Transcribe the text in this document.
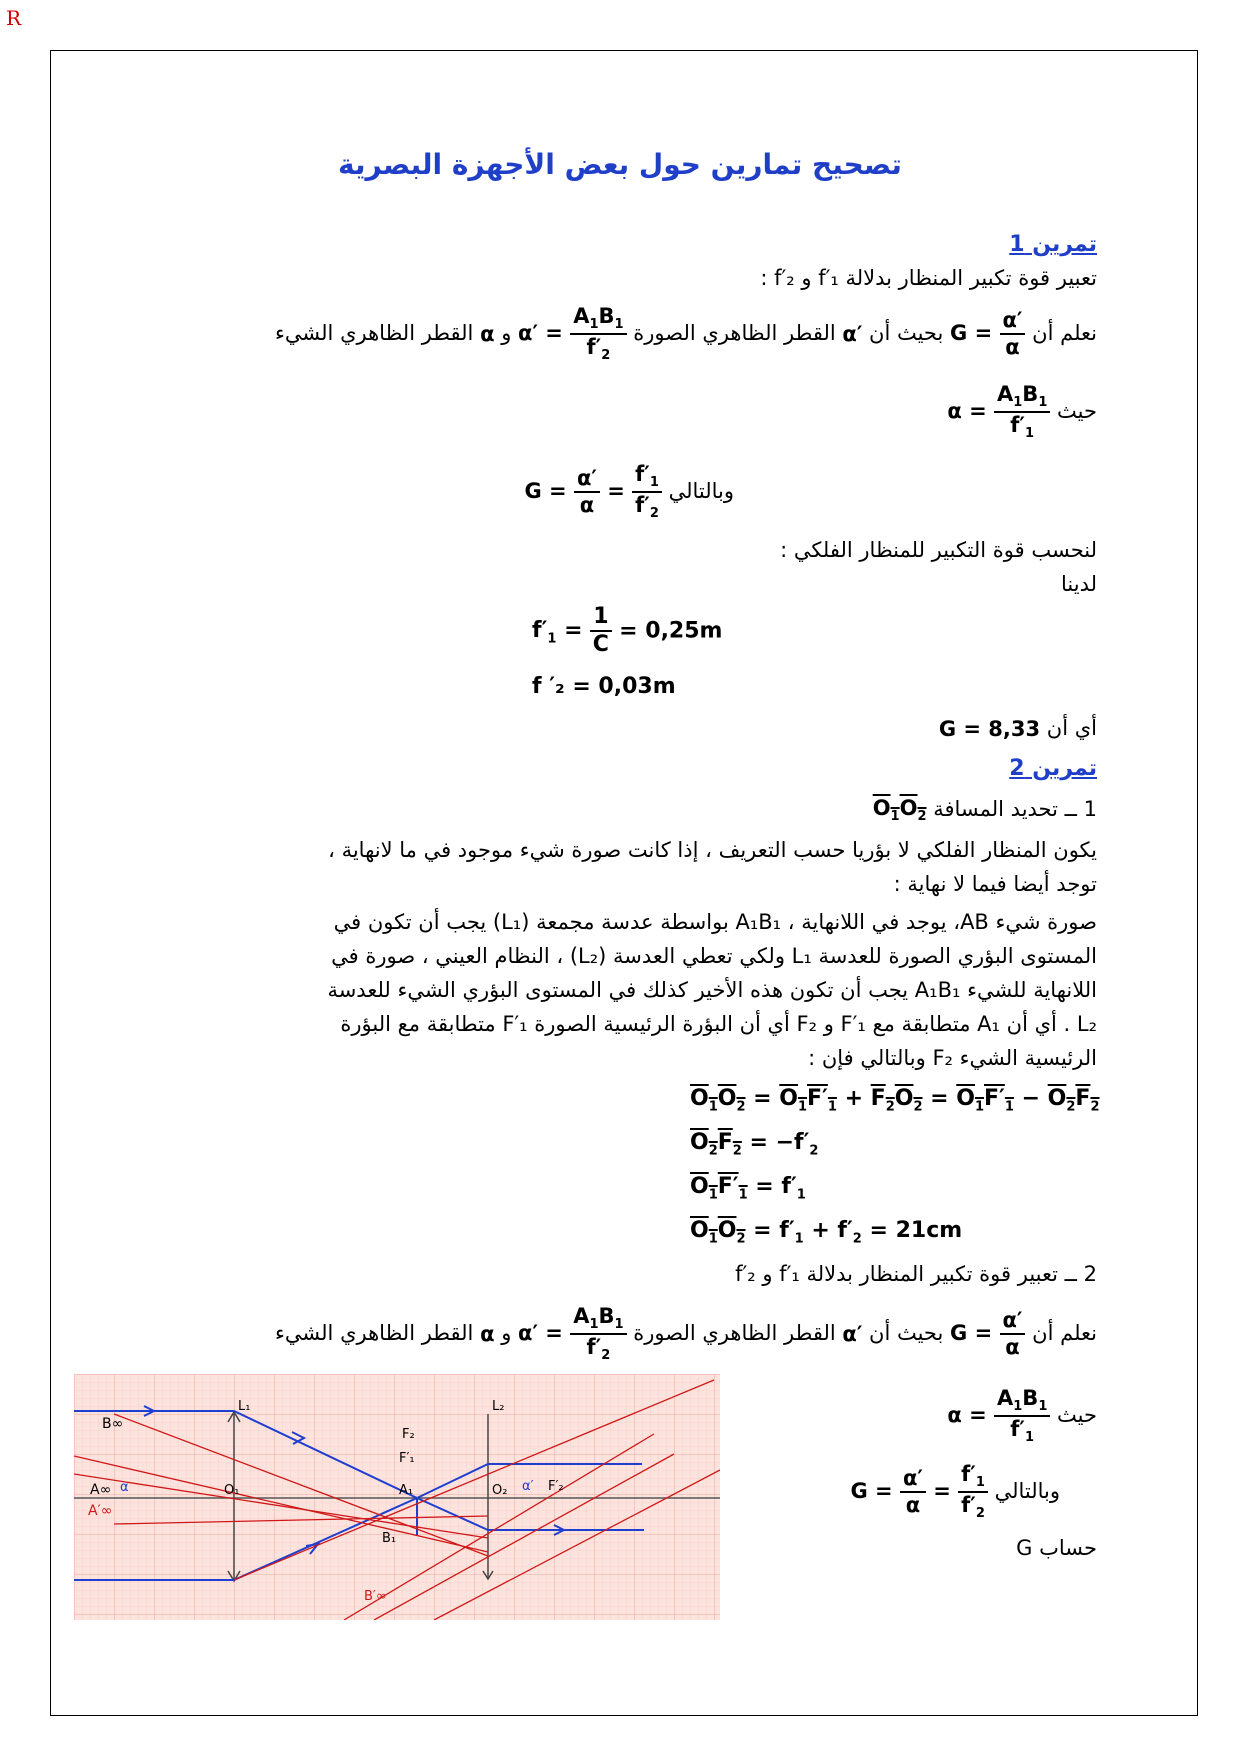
R
تصحيح تمارين حول بعض الأجهزة البصرية
تمرين 1
تعبير قوة تكبير المنظار بدلالة f′₁ و f′₂ :
نعلم أن $G = \frac{\alpha'}{\alpha}$
بحيث أن α′ القطر الظاهري الصورة $\alpha' = \frac{A_1B_1}{f'_2}$
و α القطر الظاهري الشيء
حيث $\alpha = \frac{A_1B_1}{f'_1}$
وبالتالي $G = \frac{\alpha'}{\alpha} = \frac{f'_1}{f'_2}$
لنحسب قوة التكبير للمنظار الفلكي :
لدينا
$f'_1 = \frac{1}{C} = 0,25m$
f ′₂ = 0,03m
أي أن G = 8,33
تمرين 2
1 ــ تحديد المسافة $O_1O_2$
يكون المنظار الفلكي لا بؤريا حسب التعريف ، إذا كانت صورة شيء موجود في ما لانهاية ،
توجد أيضا فيما لا نهاية :
صورة شيء AB، يوجد في اللانهاية ، A₁B₁ بواسطة عدسة مجمعة (L₁) يجب أن تكون في
المستوى البؤري الصورة للعدسة L₁ ولكي تعطي العدسة (L₂) ، النظام العيني ، صورة في
اللانهاية للشيء A₁B₁ يجب أن تكون هذه الأخير كذلك في المستوى البؤري الشيء للعدسة
L₂ . أي أن A₁ متطابقة مع F′₁ و F₂ أي أن البؤرة الرئيسية الصورة F′₁ متطابقة مع البؤرة
الرئيسية الشيء F₂ وبالتالي فإن :
$O_1O_2 = O_1F'_1 + F_2O_2 = O_1F'_1 - O_2F_2$
$O_2F_2 = -f'_2$
$O_1F'_1 = f'_1$
$O_1O_2 = f'_1 + f'_2 = 21cm$
2 ــ تعبير قوة تكبير المنظار بدلالة f′₁ و f′₂
نعلم أن $G = \frac{\alpha'}{\alpha}$
بحيث أن α′ القطر الظاهري الصورة $\alpha' = \frac{A_1B_1}{f'_2}$
و α القطر الظاهري الشيء
حيث $\alpha = \frac{A_1B_1}{f'_1}$
وبالتالي $G = \frac{\alpha'}{\alpha} = \frac{f'_1}{f'_2}$
حساب G
L₁	L₂
B∞
A∞
A′∞
α	O₁	A₁
B₁
F₂
F′₁
O₂ α′ F′₂
B′∞
